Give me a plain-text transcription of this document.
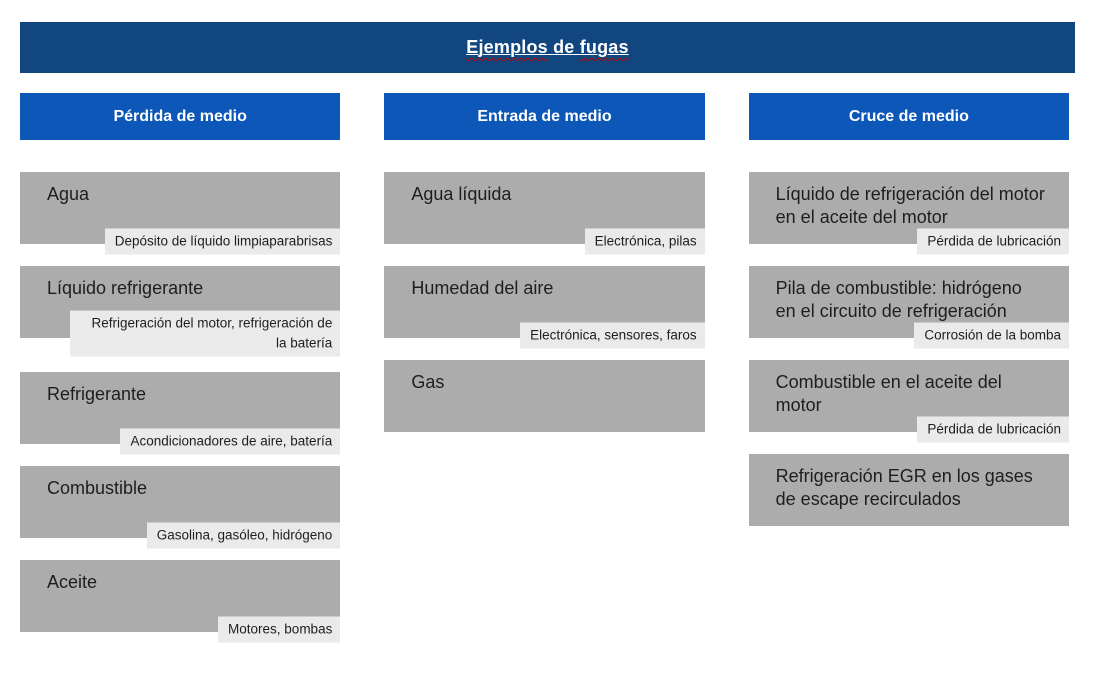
Ejemplos de fugas
Pérdida de medio
Agua
Depósito de líquido limpiaparabrisas
Líquido refrigerante
Refrigeración del motor, refrigeración de la batería
Refrigerante
Acondicionadores de aire, batería
Combustible
Gasolina, gasóleo, hidrógeno
Aceite
Motores, bombas
Entrada de medio
Agua líquida
Electrónica, pilas
Humedad del aire
Electrónica, sensores, faros
Gas
Cruce de medio
Líquido de refrigeración del motor en el aceite del motor
Pérdida de lubricación
Pila de combustible: hidrógeno en el circuito de refrigeración
Corrosión de la bomba
Combustible en el aceite del motor
Pérdida de lubricación
Refrigeración EGR en los gases de escape recirculados
